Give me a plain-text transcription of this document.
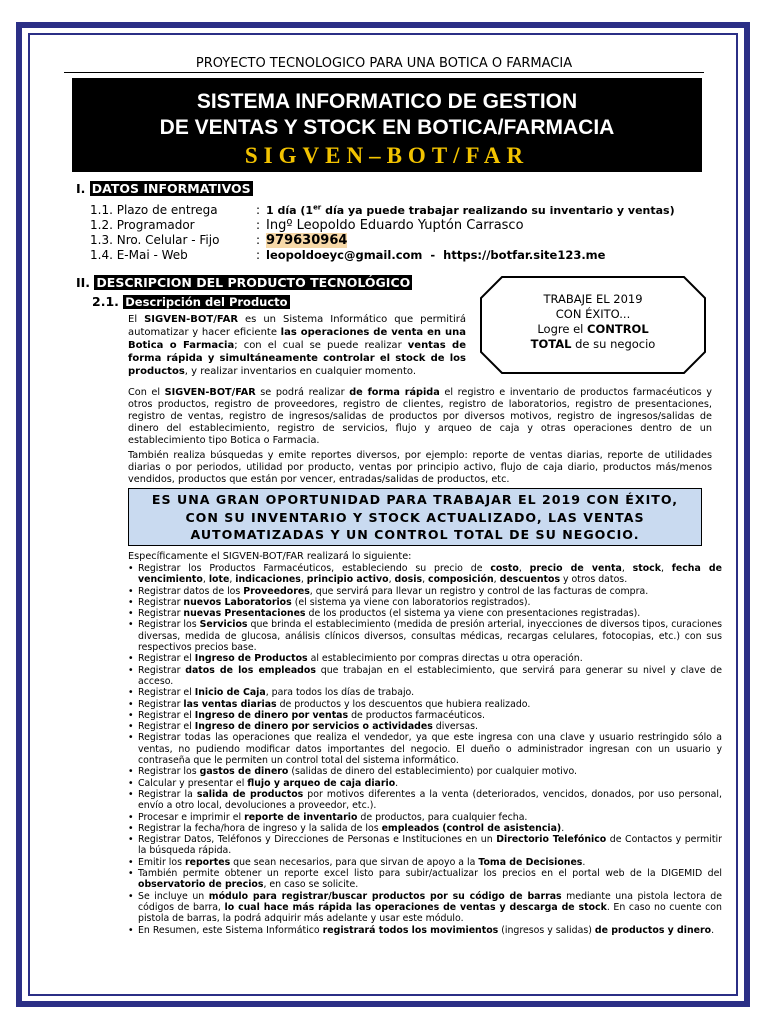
PROYECTO TECNOLOGICO PARA UNA BOTICA O FARMACIA
SISTEMA INFORMATICO DE GESTION
DE VENTAS Y STOCK EN BOTICA/FARMACIA
SIGVEN–BOT/FAR
I. DATOS INFORMATIVOS
1.1. Plazo de entrega	: 1 día (1er día ya puede trabajar realizando su inventario y ventas)
1.2. Programador	: Ingº Leopoldo Eduardo Yuptón Carrasco
1.3. Nro. Celular - Fijo	: 979630964
1.4. E-Mai - Web	: leopoldoeyc@gmail.com  -  https://botfar.site123.me
II. DESCRIPCION DEL PRODUCTO TECNOLÓGICO
2.1. Descripción del Producto	TRABAJE EL 2019
CON ÉXITO...
Logre el CONTROL
TOTAL de su negocio
El SIGVEN-BOT/FAR es un Sistema Informático que permitirá automatizar y hacer eficiente las operaciones de venta en una Botica o Farmacia; con el cual se puede realizar ventas de forma rápida y simultáneamente controlar el stock de los productos, y realizar inventarios en cualquier momento.
Con el SIGVEN-BOT/FAR se podrá realizar de forma rápida el registro e inventario de productos farmacéuticos y otros productos, registro de proveedores, registro de clientes, registro de laboratorios, registro de presentaciones, registro de ventas, registro de ingresos/salidas de productos por diversos motivos, registro de ingresos/salidas de dinero del establecimiento, registro de servicios, flujo y arqueo de caja y otras operaciones dentro de un establecimiento tipo Botica o Farmacia.
También realiza búsquedas y emite reportes diversos, por ejemplo: reporte de ventas diarias, reporte de utilidades diarias o por periodos, utilidad por producto, ventas por principio activo, flujo de caja diario, productos más/menos vendidos, productos que están por vencer, entradas/salidas de productos, etc.
ES UNA GRAN OPORTUNIDAD PARA TRABAJAR EL 2019 CON ÉXITO,
CON SU INVENTARIO Y STOCK ACTUALIZADO, LAS VENTAS
AUTOMATIZADAS Y UN CONTROL TOTAL DE SU NEGOCIO.
Específicamente el SIGVEN-BOT/FAR realizará lo siguiente:
• Registrar los Productos Farmacéuticos, estableciendo su precio de costo, precio de venta, stock, fecha de vencimiento, lote, indicaciones, principio activo, dosis, composición, descuentos y otros datos.
• Registrar datos de los Proveedores, que servirá para llevar un registro y control de las facturas de compra.
• Registrar nuevos Laboratorios (el sistema ya viene con laboratorios registrados).
• Registrar nuevas Presentaciones de los productos (el sistema ya viene con presentaciones registradas).
• Registrar los Servicios que brinda el establecimiento (medida de presión arterial, inyecciones de diversos tipos, curaciones diversas, medida de glucosa, análisis clínicos diversos, consultas médicas, recargas celulares, fotocopias, etc.) con sus respectivos precios base.
• Registrar el Ingreso de Productos al establecimiento por compras directas u otra operación.
• Registrar datos de los empleados que trabajan en el establecimiento, que servirá para generar su nivel y clave de acceso.
• Registrar el Inicio de Caja, para todos los días de trabajo.
• Registrar las ventas diarias de productos y los descuentos que hubiera realizado.
• Registrar el Ingreso de dinero por ventas de productos farmacéuticos.
• Registrar el Ingreso de dinero por servicios o actividades diversas.
• Registrar todas las operaciones que realiza el vendedor, ya que este ingresa con una clave y usuario restringido sólo a ventas, no pudiendo modificar datos importantes del negocio. El dueño o administrador ingresan con un usuario y contraseña que le permiten un control total del sistema informático.
• Registrar los gastos de dinero (salidas de dinero del establecimiento) por cualquier motivo.
• Calcular y presentar el flujo y arqueo de caja diario.
• Registrar la salida de productos por motivos diferentes a la venta (deteriorados, vencidos, donados, por uso personal, envío a otro local, devoluciones a proveedor, etc.).
• Procesar e imprimir el reporte de inventario de productos, para cualquier fecha.
• Registrar la fecha/hora de ingreso y la salida de los empleados (control de asistencia).
• Registrar Datos, Teléfonos y Direcciones de Personas e Instituciones en un Directorio Telefónico de Contactos y permitir la búsqueda rápida.
• Emitir los reportes que sean necesarios, para que sirvan de apoyo a la Toma de Decisiones.
• También permite obtener un reporte excel listo para subir/actualizar los precios en el portal web de la DIGEMID del observatorio de precios, en caso se solicite.
• Se incluye un módulo para registrar/buscar productos por su código de barras mediante una pistola lectora de códigos de barra, lo cual hace más rápida las operaciones de ventas y descarga de stock. En caso no cuente con pistola de barras, la podrá adquirir más adelante y usar este módulo.
• En Resumen, este Sistema Informático registrará todos los movimientos (ingresos y salidas) de productos y dinero.
